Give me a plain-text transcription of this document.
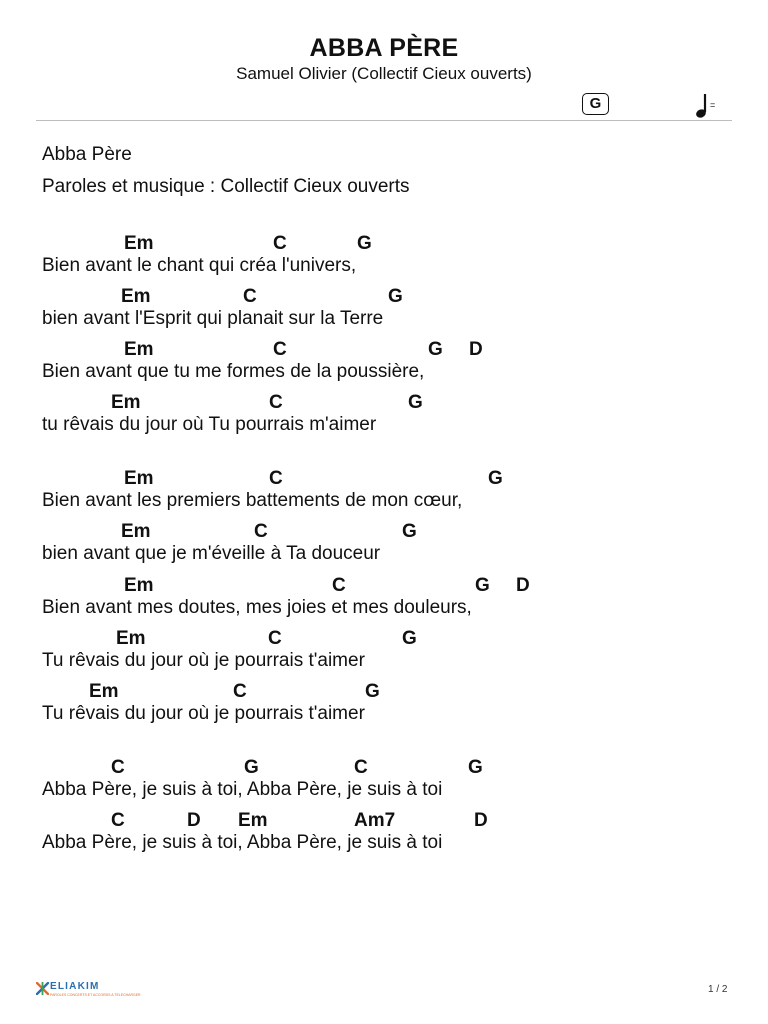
ABBA PÈRE
Samuel Olivier (Collectif Cieux ouverts)
G	=
Abba Père
Paroles et musique : Collectif Cieux ouverts
Em	C	G
Bien avant le chant qui créa l'univers,
Em	C	G
bien avant l'Esprit qui planait sur la Terre
Em	C	G D
Bien avant que tu me formes de la poussière,
Em	C	G
tu rêvais du jour où Tu pourrais m'aimer
Em	C	G
Bien avant les premiers battements de mon cœur,
Em	C	G
bien avant que je m'éveille à Ta douceur
Em	C	G D
Bien avant mes doutes, mes joies et mes douleurs,
Em	C	G
Tu rêvais du jour où je pourrais t'aimer
Em	C	G
Tu rêvais du jour où je pourrais t'aimer
C	G	C	G
Abba Père, je suis à toi, Abba Père, je suis à toi
C	D Em	Am7	D
Abba Père, je suis à toi, Abba Père, je suis à toi
ELIAKIM
PAROLES CONCERTS ET ACCORDS A TELECHARGER	1 / 2
